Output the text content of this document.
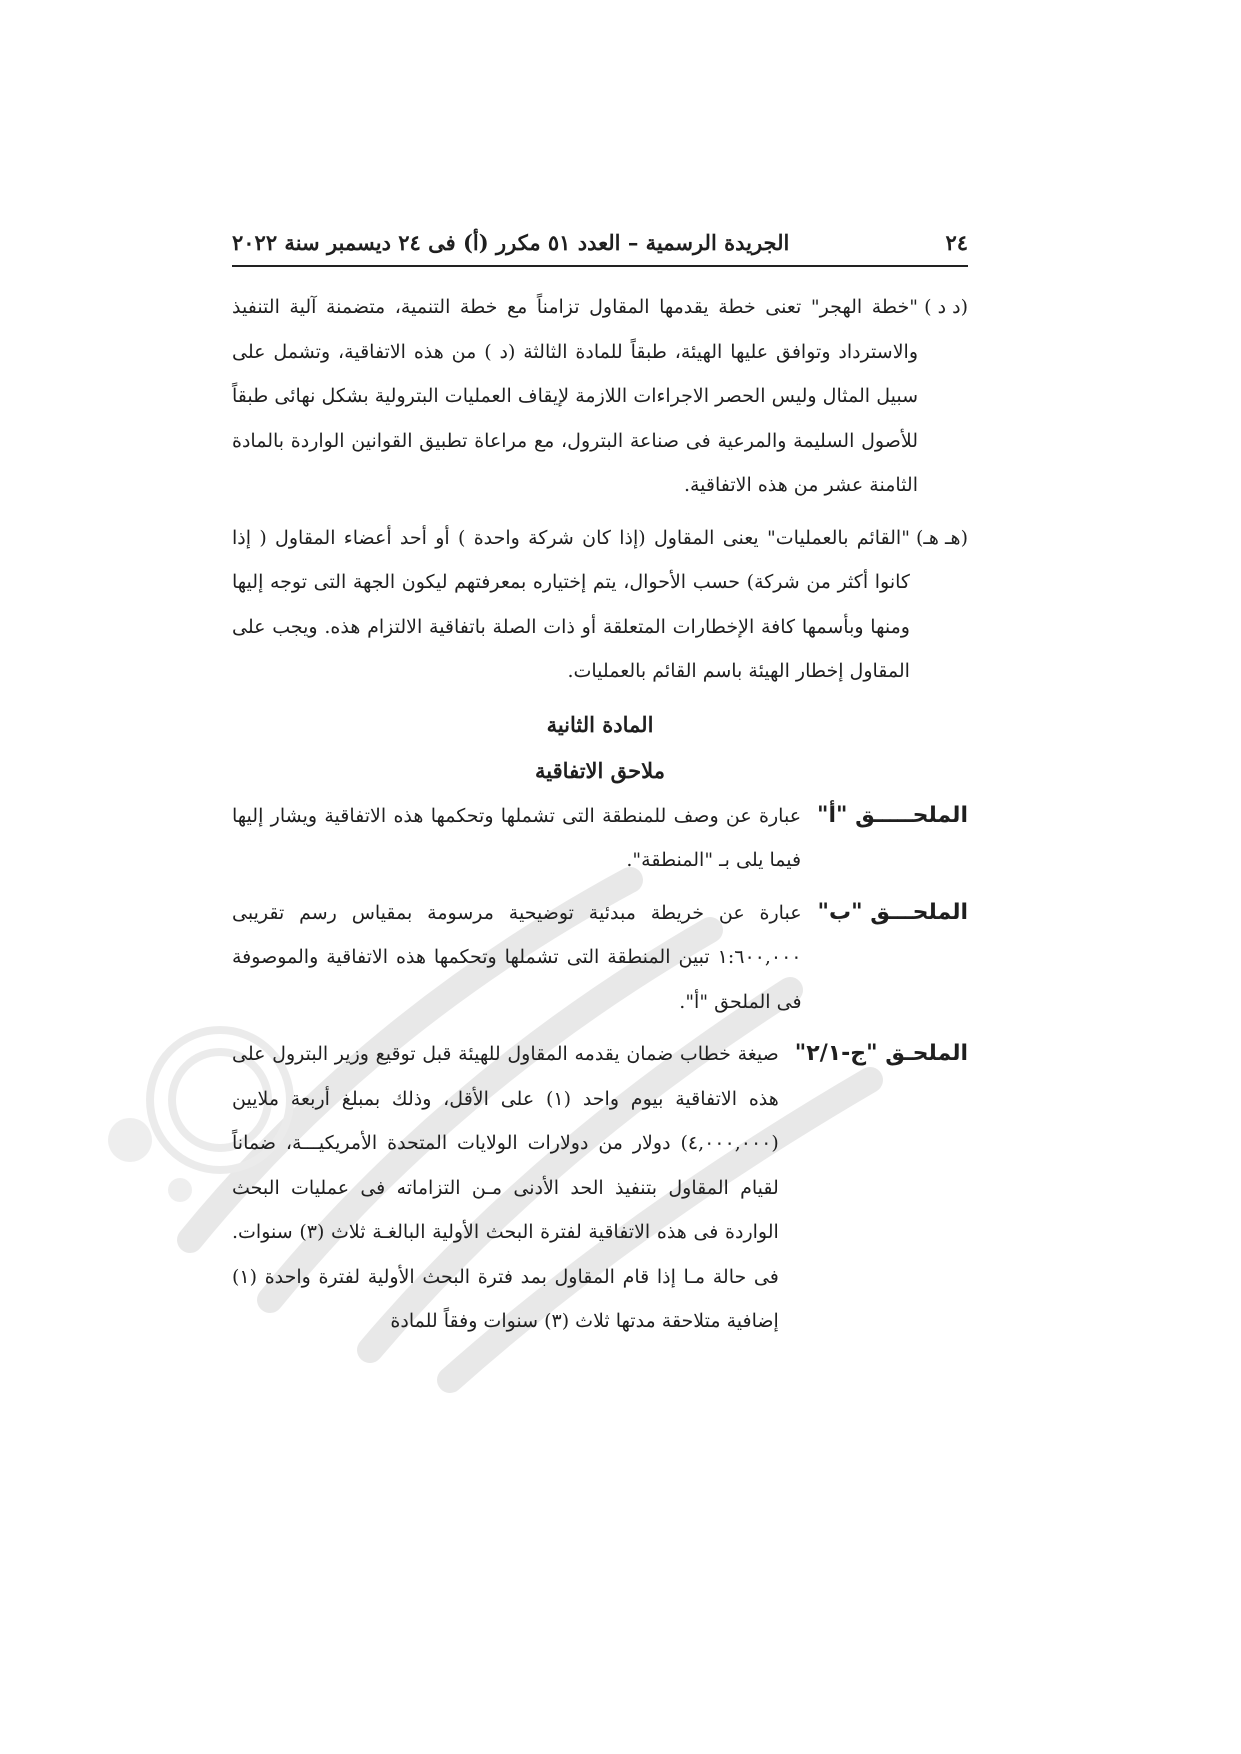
٢٤
الجريدة الرسمية – العدد ٥١ مكرر (أ) فى ٢٤ ديسمبر سنة ٢٠٢٢
(د د )
"خطة الهجر" تعنى خطة يقدمها المقاول تزامناً مع خطة التنمية، متضمنة آلية التنفيذ والاسترداد وتوافق عليها الهيئة، طبقاً للمادة الثالثة (د ) من هذه الاتفاقية، وتشمل على سبيل المثال وليس الحصر الاجراءات اللازمة لإيقاف العمليات البترولية بشكل نهائى طبقاً للأصول السليمة والمرعية فى صناعة البترول، مع مراعاة تطبيق القوانين الواردة بالمادة الثامنة عشر من هذه الاتفاقية.
(هـ هـ)
"القائم بالعمليات" يعنى المقاول (إذا كان شركة واحدة ) أو أحد أعضاء المقاول ( إذا كانوا أكثر من شركة) حسب الأحوال، يتم إختياره بمعرفتهم ليكون الجهة التى توجه إليها ومنها وبأسمها كافة الإخطارات المتعلقة أو ذات الصلة باتفاقية الالتزام هذه. ويجب على المقاول إخطار الهيئة باسم القائم بالعمليات.
المادة الثانية
ملاحق الاتفاقية
الملحـــــق "أ"
عبارة عن وصف للمنطقة التى تشملها وتحكمها هذه الاتفاقية ويشار إليها فيما يلى بـ "المنطقة".
الملحـــق "ب"
عبارة عن خريطة مبدئية توضيحية مرسومة بمقياس رسم تقريبى ١:٦٠٠,٠٠٠ تبين المنطقة التى تشملها وتحكمها هذه الاتفاقية والموصوفة فى الملحق "أ".
الملحـق "ج-٢/١"
صيغة خطاب ضمان يقدمه المقاول للهيئة قبل توقيع وزير البترول على هذه الاتفاقية بيوم واحد (١) على الأقل، وذلك بمبلغ أربعة ملايين (٤,٠٠٠,٠٠٠) دولار من دولارات الولايات المتحدة الأمريكيـــة، ضماناً لقيام المقاول بتنفيذ الحد الأدنى مـن التزاماته فى عمليات البحث الواردة فى هذه الاتفاقية لفترة البحث الأولية البالغـة ثلاث (٣) سنوات. فى حالة مـا إذا قام المقاول بمد فترة البحث الأولية لفترة واحدة (١) إضافية متلاحقة مدتها ثلاث (٣) سنوات وفقاً للمادة
